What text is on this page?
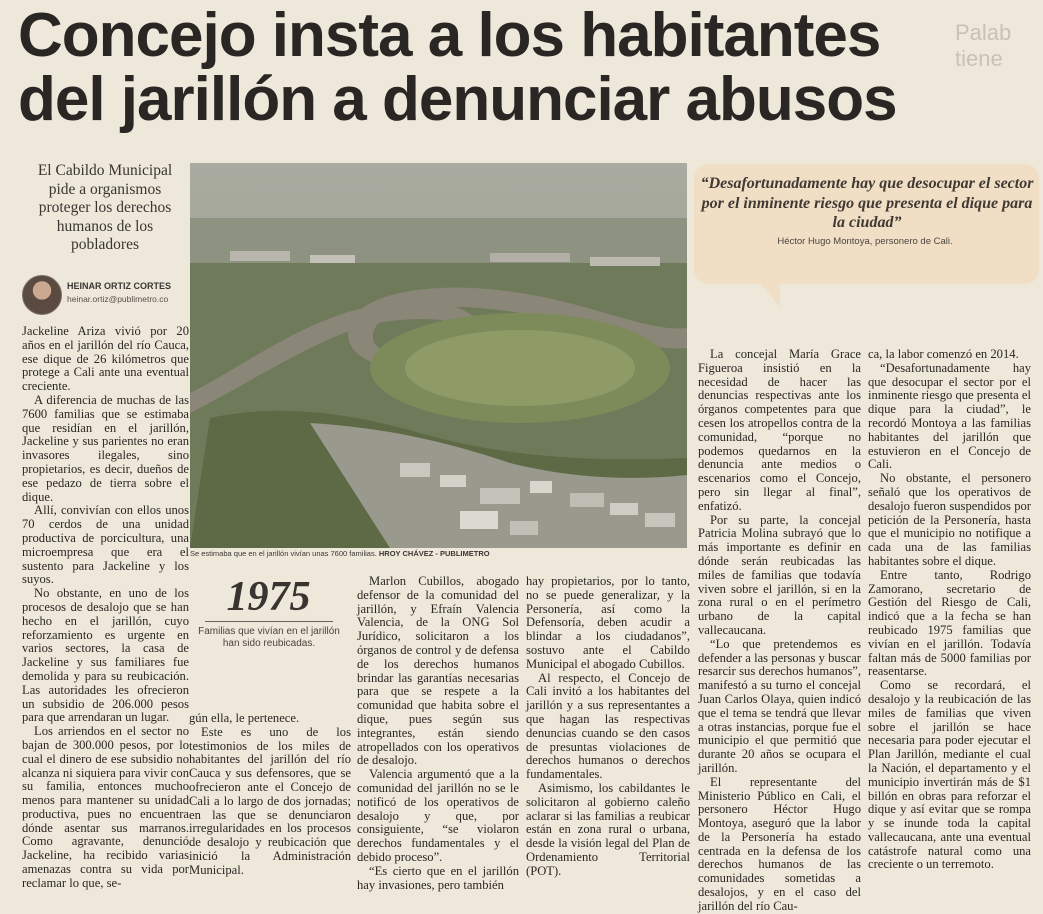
Concejo insta a los habitantes
del jarillón a denunciar abusos
Palab
tiene
El Cabildo Municipal pide a organismos proteger los derechos humanos de los pobladores
HEINAR ORTIZ CORTES
heinar.ortiz@publimetro.co
Se estimaba que en el jarillón vivían unas 7600 familias. HROY CHÁVEZ - PUBLIMETRO
1975
Familias que vivían en el jarillón han sido reubicadas.
“Desafortunadamente hay que desocupar el sector por el inminente riesgo que presenta el dique para la ciudad”
Héctor Hugo Montoya, personero de Cali.

Jackeline Ariza vivió por 20 años en el jarillón del río Cauca, ese dique de 26 kilómetros que protege a Cali ante una eventual creciente.

A diferencia de muchas de las 7600 familias que se estimaba que residían en el jarillón, Jackeline y sus parientes no eran invasores ilegales, sino propietarios, es decir, dueños de ese pedazo de tierra sobre el dique.

Allí, convivían con ellos unos 70 cerdos de una unidad productiva de porcicultura, una microempresa que era el sustento para Jackeline y los suyos.

No obstante, en uno de los procesos de desalojo que se han hecho en el jarillón, cuyo reforzamiento es urgente en varios sectores, la casa de Jackeline y sus familiares fue demolida y para su reubicación. Las autoridades les ofrecieron un subsidio de 206.000 pesos para que arrendaran un lugar.

Los arriendos en el sector no bajan de 300.000 pesos, por lo cual el dinero de ese subsidio no alcanza ni siquiera para vivir con su familia, entonces mucho menos para mantener su unidad productiva, pues no encuentra dónde asentar sus marranos. Como agravante, denunció Jackeline, ha recibido varias amenazas contra su vida por reclamar lo que, se-

gún ella, le pertenece.

Este es uno de los testimonios de los miles de habitantes del jarillón del río Cauca y sus defensores, que se ofrecieron ante el Concejo de Cali a lo largo de dos jornadas; en las que se denunciaron irregularidades en los procesos de desalojo y reubicación que inició la Administración Municipal.

Marlon Cubillos, abogado defensor de la comunidad del jarillón, y Efraín Valencia Valencia, de la ONG Sol Jurídico, solicitaron a los órganos de control y de defensa de los derechos humanos brindar las garantías necesarias para que se respete a la comunidad que habita sobre el dique, pues según sus integrantes, están siendo atropellados con los operativos de desalojo.

Valencia argumentó que a la comunidad del jarillón no se le notificó de los operativos de desalojo y que, por consiguiente, “se violaron derechos fundamentales y el debido proceso”.

“Es cierto que en el jarillón hay invasiones, pero también

hay propietarios, por lo tanto, no se puede generalizar, y la Personería, así como la Defensoría, deben acudir a blindar a los ciudadanos”, sostuvo ante el Cabildo Municipal el abogado Cubillos.

Al respecto, el Concejo de Cali invitó a los habitantes del jarillón y a sus representantes a que hagan las respectivas denuncias cuando se den casos de presuntas violaciones de derechos humanos o derechos fundamentales.

Asimismo, los cabildantes le solicitaron al gobierno caleño aclarar si las familias a reubicar están en zona rural o urbana, desde la visión legal del Plan de Ordenamiento Territorial (POT).

La concejal María Grace Figueroa insistió en la necesidad de hacer las denuncias respectivas ante los órganos competentes para que cesen los atropellos contra de la comunidad, “porque no podemos quedarnos en la denuncia ante medios o escenarios como el Concejo, pero sin llegar al final”, enfatizó.

Por su parte, la concejal Patricia Molina subrayó que lo más importante es definir en dónde serán reubicadas las miles de familias que todavía viven sobre el jarillón, si en la zona rural o en el perímetro urbano de la capital vallecaucana.

“Lo que pretendemos es defender a las personas y buscar resarcir sus derechos humanos”, manifestó a su turno el concejal Juan Carlos Olaya, quien indicó que el tema se tendrá que llevar a otras instancias, porque fue el municipio el que permitió que durante 20 años se ocupara el jarillón.

El representante del Ministerio Público en Cali, el personero Héctor Hugo Montoya, aseguró que la labor de la Personería ha estado centrada en la defensa de los derechos humanos de las comunidades sometidas a desalojos, y en el caso del jarillón del río Cau-

ca, la labor comenzó en 2014.

“Desafortunadamente hay que desocupar el sector por el inminente riesgo que presenta el dique para la ciudad”, le recordó Montoya a las familias habitantes del jarillón que estuvieron en el Concejo de Cali.

No obstante, el personero señaló que los operativos de desalojo fueron suspendidos por petición de la Personería, hasta que el municipio no notifique a cada una de las familias habitantes sobre el dique.

Entre tanto, Rodrigo Zamorano, secretario de Gestión del Riesgo de Cali, indicó que a la fecha se han reubicado 1975 familias que vivían en el jarillón. Todavía faltan más de 5000 familias por reasentarse.

Como se recordará, el desalojo y la reubicación de las miles de familias que viven sobre el jarillón se hace necesaria para poder ejecutar el Plan Jarillón, mediante el cual la Nación, el departamento y el municipio invertirán más de $1 billón en obras para reforzar el dique y así evitar que se rompa y se inunde toda la capital vallecaucana, ante una eventual catástrofe natural como una creciente o un terremoto.
